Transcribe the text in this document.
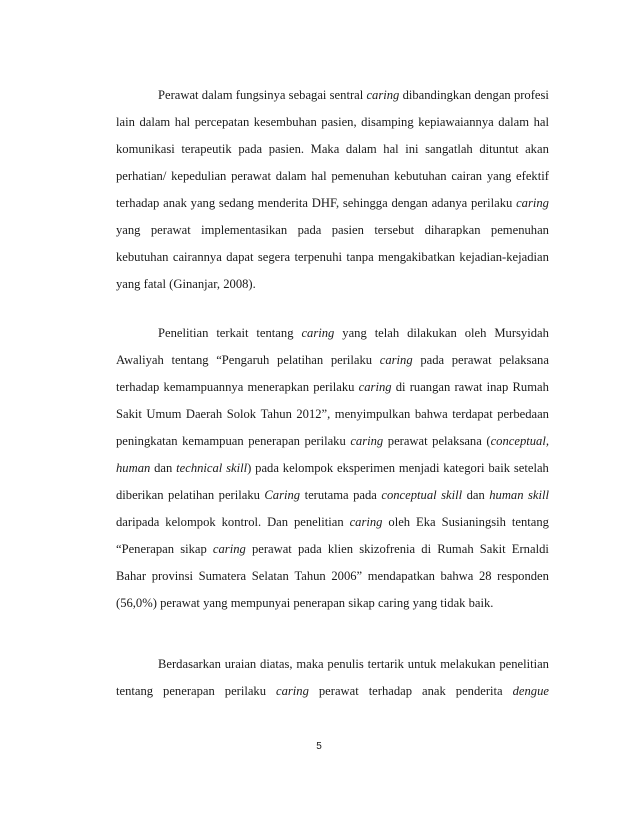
Perawat dalam fungsinya sebagai sentral caring dibandingkan dengan profesi
lain dalam hal percepatan kesembuhan pasien, disamping kepiawaiannya dalam hal
komunikasi terapeutik pada pasien. Maka dalam hal ini sangatlah dituntut akan
perhatian/ kepedulian perawat dalam hal pemenuhan kebutuhan cairan yang efektif
terhadap anak yang sedang menderita DHF, sehingga dengan adanya perilaku caring
yang perawat implementasikan pada pasien tersebut diharapkan pemenuhan
kebutuhan cairannya dapat segera terpenuhi tanpa mengakibatkan kejadian-kejadian
yang fatal (Ginanjar, 2008).
Penelitian terkait tentang caring yang telah dilakukan oleh Mursyidah
Awaliyah tentang “Pengaruh pelatihan perilaku caring pada perawat pelaksana
terhadap kemampuannya menerapkan perilaku caring di ruangan rawat inap Rumah
Sakit Umum Daerah Solok Tahun 2012”, menyimpulkan bahwa terdapat perbedaan
peningkatan kemampuan penerapan perilaku caring perawat pelaksana (conceptual,
human dan technical skill) pada kelompok eksperimen menjadi kategori baik setelah
diberikan pelatihan perilaku Caring terutama pada conceptual skill dan human skill
daripada kelompok kontrol. Dan penelitian caring oleh Eka Susianingsih tentang
“Penerapan sikap caring perawat pada klien skizofrenia di Rumah Sakit Ernaldi
Bahar provinsi Sumatera Selatan Tahun 2006” mendapatkan bahwa 28 responden
(56,0%) perawat yang mempunyai penerapan sikap caring yang tidak baik.
Berdasarkan uraian diatas, maka penulis tertarik untuk melakukan penelitian
tentang penerapan perilaku caring perawat terhadap anak penderita dengue
5
